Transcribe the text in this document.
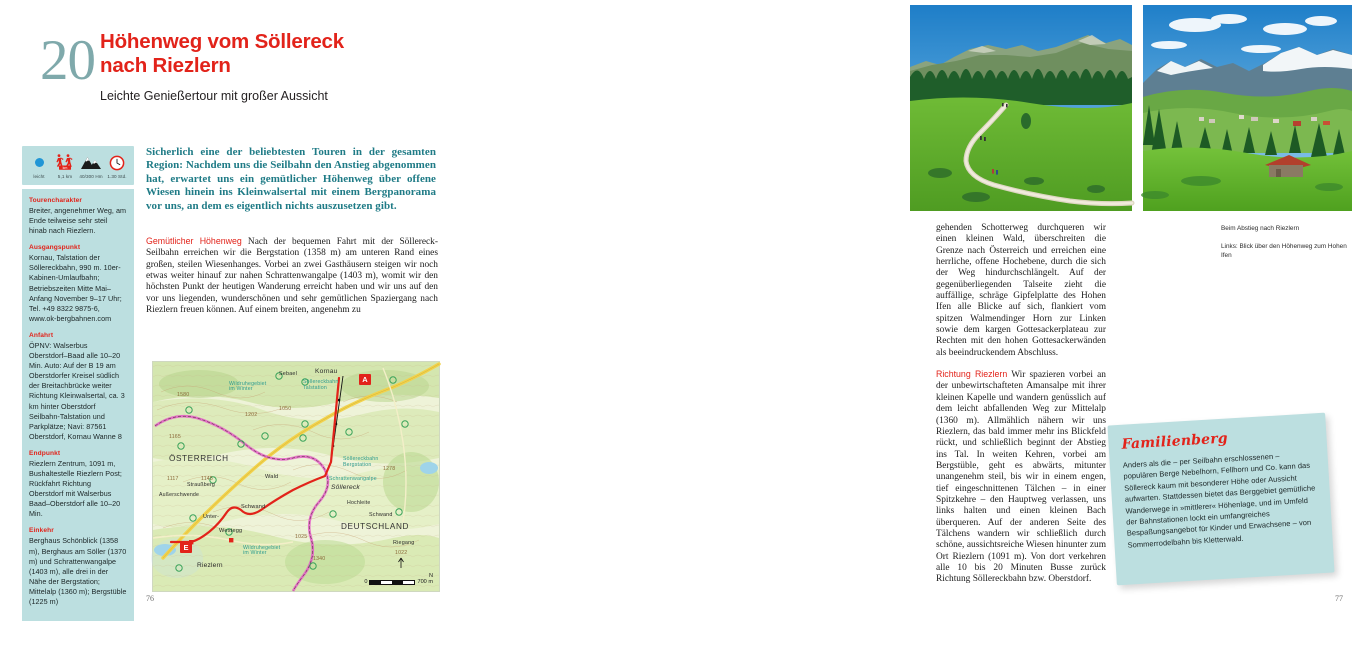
20 Höhenweg vom Söllereck
nach Riezlern

Leichte Genießertour mit großer Aussicht

Sicherlich eine der beliebtesten Touren in der gesamten Region: Nachdem uns die Seilbahn den Anstieg abgenommen hat, erwartet uns ein gemütlicher Höhenweg über offene Wiesen hinein ins Kleinwalsertal mit einem Bergpanorama vor uns, an dem es eigentlich nichts auszusetzen gibt.
leicht
km
5,1 km	40/300 Hm	1.30 Std.
Tourencharakter

Breiter, angenehmer Weg, am Ende teilweise sehr steil hinab nach Riezlern.

Ausgangspunkt

Kornau, Talstation der Söllereckbahn, 990 m. 10er-Kabinen-Umlaufbahn; Betriebszeiten Mitte Mai–Anfang November 9–17 Uhr; Tel. +49 8322 9875-6, www.ok-bergbahnen.com

Anfahrt

ÖPNV: Walserbus Oberstdorf–Baad alle 10–20 Min. Auto: Auf der B 19 am Oberstdorfer Kreisel südlich der Breitachbrücke weiter Richtung Kleinwalsertal, ca. 3 km hinter Oberstdorf Seilbahn-Talstation und Parkplätze; Navi: 87561 Oberstdorf, Kornau Wanne 8

Endpunkt

Riezlern Zentrum, 1091 m, Bushaltestelle Riezlern Post; Rückfahrt Richtung Oberstdorf mit Walserbus Baad–Oberstdorf alle 10–20 Min.

Einkehr

Berghaus Schönblick (1358 m), Berghaus am Söller (1370 m) und Schrattenwangalpe (1403 m), alle drei in der Nähe der Bergstation; Mittelalp (1360 m); Bergstüble (1225 m)

Gemütlicher Höhenweg Nach der bequemen Fahrt mit der Söllereck-Seilbahn erreichen wir die Bergstation (1358 m) am unteren Rand eines großen, steilen Wiesenhanges. Vorbei an zwei Gasthäusern steigen wir noch etwas weiter hinauf zur nahen Schrattenwangalpe (1403 m), womit wir den höchsten Punkt der heutigen Wanderung erreicht haben und wir uns auf den vor uns liegenden, wunderschönen und sehr gemütlichen Spaziergang nach Riezlern freuen können. Auf einem breiten, angenehm zu
A
E
ÖSTERREICH
DEUTSCHLAND
Kornau
Söllereck
Riezlern
Westegg
Schwand
Wald
Unter-
Außerschwende
Straußberg
Sebael
Hochleite
Schwand
Riegang
Söllereckbahn Talstation
Söllereckbahn Bergstation
Schrattenwangalpe
Wildruhegebiet im Winter
Wildruhegebiet im Winter
1580
1165
1117	1145
1202
1050
1278
1022
1340
1025
N
0	700 m
76

gehenden Schotterweg durchqueren wir einen kleinen Wald, überschreiten die Grenze nach Österreich und erreichen eine herrliche, offene Hochebene, durch die sich der Weg hindurchschlängelt. Auf der gegenüberliegenden Talseite zieht die auffällige, schräge Gipfelplatte des Hohen Ifen alle Blicke auf sich, flankiert vom spitzen Walmendinger Horn zur Linken sowie dem kargen Gottesackerplateau zur Rechten mit den hohen Gottesackerwänden als beeindruckendem Abschluss.

Richtung Riezlern Wir spazieren vorbei an der unbewirtschafteten Amansalpe mit ihrer kleinen Kapelle und wandern genüsslich auf dem leicht abfallenden Weg zur Mittelalp (1360 m). Allmählich nähern wir uns Riezlern, das bald immer mehr ins Blickfeld rückt, und schließlich beginnt der Abstieg ins Tal. In weiten Kehren, vorbei am Bergstüble, geht es abwärts, mitunter unangenehm steil, bis wir in einem engen, tief eingeschnittenen Tälchen – in einer Spitzkehre – den Hauptweg verlassen, uns links halten und einen kleinen Bach überqueren. Auf der anderen Seite des Tälchens wandern wir schließlich durch schöne, aussichtsreiche Wiesen hinunter zum Ort Riezlern (1091 m). Von dort verkehren alle 10 bis 20 Minuten Busse zurück Richtung Söllereckbahn bzw. Oberstdorf.

Beim Abstieg nach Riezlern

Links: Blick über den Höhenweg zum Hohen Ifen

Familienberg

Anders als die – per Seilbahn erschlossenen – populären Berge Nebelhorn, Fellhorn und Co. kann das Söllereck kaum mit besonderer Höhe oder Aussicht aufwarten. Stattdessen bietet das Berggebiet gemütliche Wanderwege in »mittlerer« Höhenlage, und im Umfeld der Bahnstationen lockt ein umfangreiches Bespaßungsangebot für Kinder und Erwachsene – von Sommerrodelbahn bis Kletterwald.

77
